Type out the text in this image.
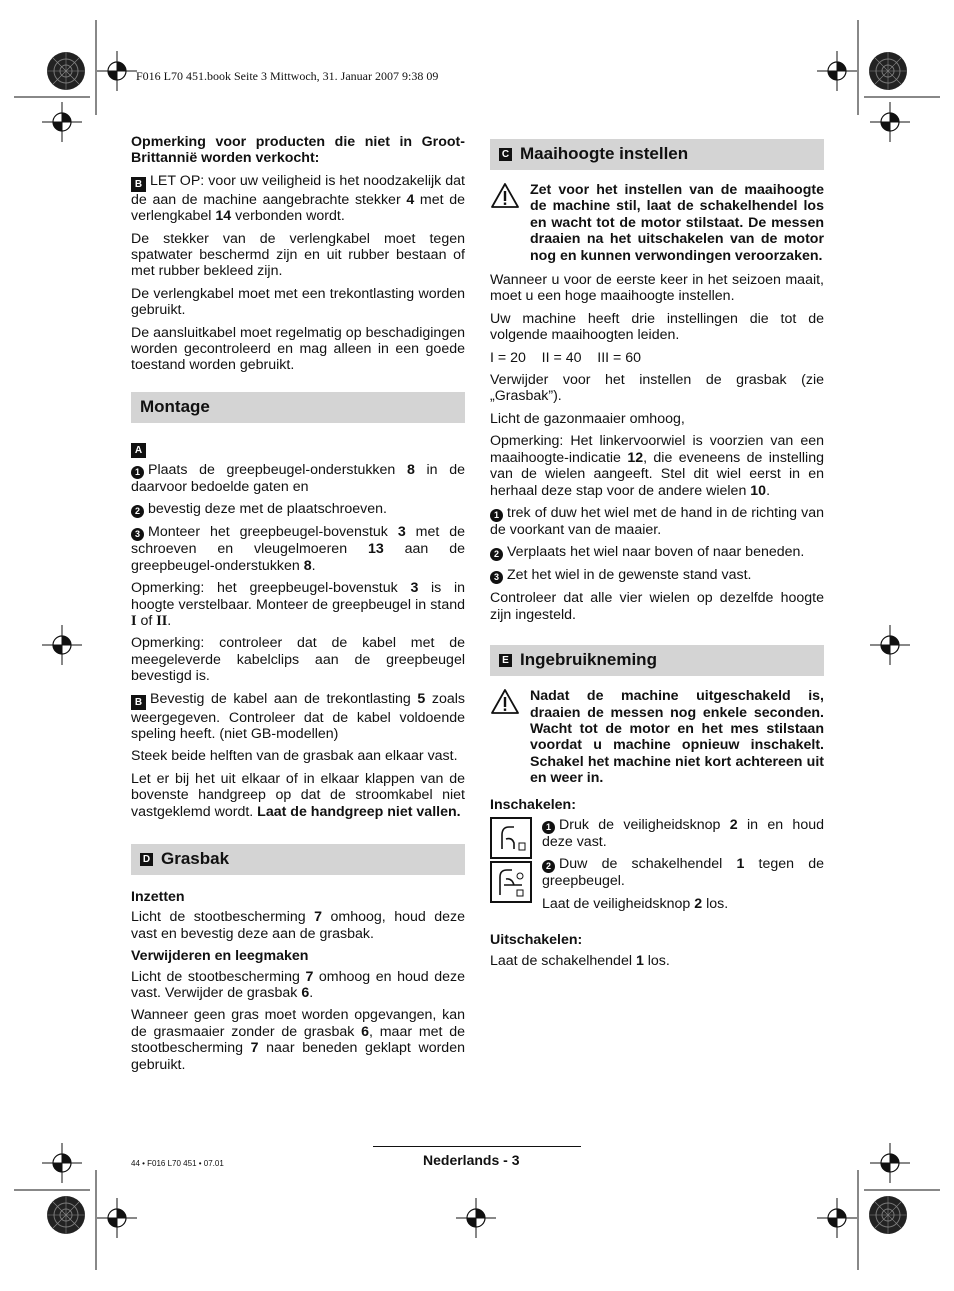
F016 L70 451.book Seite 3 Mittwoch, 31. Januar 2007 9:38 09

Opmerking voor producten die niet in Groot-Brittannië worden verkocht:

B LET OP: voor uw veiligheid is het noodzakelijk dat de aan de machine aangebrachte stekker 4 met de verlengkabel 14 verbonden wordt.

De stekker van de verlengkabel moet tegen spatwater beschermd zijn en uit rubber bestaan of met rubber bekleed zijn.

De verlengkabel moet met een trekontlasting worden gebruikt.

De aansluitkabel moet regelmatig op beschadigingen worden gecontroleerd en mag alleen in een goede toestand worden gebruikt.

Montage

A

1 Plaats de greepbeugel-onderstukken 8 in de daarvoor bedoelde gaten en

2 bevestig deze met de plaatschroeven.

3 Monteer het greepbeugel-bovenstuk 3 met de schroeven en vleugelmoeren 13 aan de greepbeugel-onderstukken 8.

Opmerking: het greepbeugel-bovenstuk 3 is in hoogte verstelbaar. Monteer de greepbeugel in stand I of II.

Opmerking: controleer dat de kabel met de meegeleverde kabelclips aan de greepbeugel bevestigd is.

B Bevestig de kabel aan de trekontlasting 5 zoals weergegeven. Controleer dat de kabel voldoende speling heeft. (niet GB-modellen)

Steek beide helften van de grasbak aan elkaar vast.

Let er bij het uit elkaar of in elkaar klappen van de bovenste handgreep op dat de stroomkabel niet vastgeklemd wordt. Laat de handgreep niet vallen.

D Grasbak

Inzetten

Licht de stootbescherming 7 omhoog, houd deze vast en bevestig deze aan de grasbak.

Verwijderen en leegmaken

Licht de stootbescherming 7 omhoog en houd deze vast. Verwijder de grasbak 6.

Wanneer geen gras moet worden opgevangen, kan de grasmaaier zonder de grasbak 6, maar met de stootbescherming 7 naar beneden geklapt worden gebruikt.

C Maaihoogte instellen
Zet voor het instellen van de maaihoogte de machine stil, laat de schakelhendel los en wacht tot de motor stilstaat. De messen draaien na het uitschakelen van de motor nog en kunnen verwondingen veroorzaken.

Wanneer u voor de eerste keer in het seizoen maait, moet u een hoge maaihoogte instellen.

Uw machine heeft drie instellingen die tot de volgende maaihoogten leiden.

I = 20    II = 40    III = 60

Verwijder voor het instellen de grasbak (zie „Grasbak”).

Licht de gazonmaaier omhoog,

Opmerking: Het linkervoorwiel is voorzien van een maaihoogte-indicatie 12, die eveneens de instelling van de wielen aangeeft. Stel dit wiel eerst in en herhaal deze stap voor de andere wielen 10.

1 trek of duw het wiel met de hand in de richting van de voorkant van de maaier.

2 Verplaats het wiel naar boven of naar beneden.

3 Zet het wiel in de gewenste stand vast.

Controleer dat alle vier wielen op dezelfde hoogte zijn ingesteld.

E Ingebruikneming
Nadat de machine uitgeschakeld is, draaien de messen nog enkele seconden. Wacht tot de motor en het mes stilstaan voordat u machine opnieuw inschakelt. Schakel het machine niet kort achtereen uit en weer in.

Inschakelen:

1 Druk de veiligheidsknop 2 in en houd deze vast.

2 Duw de schakelhendel 1 tegen de greepbeugel.

Laat de veiligheidsknop 2 los.

Uitschakelen:

Laat de schakelhendel 1 los.

44 • F016 L70 451 • 07.01	Nederlands - 3
